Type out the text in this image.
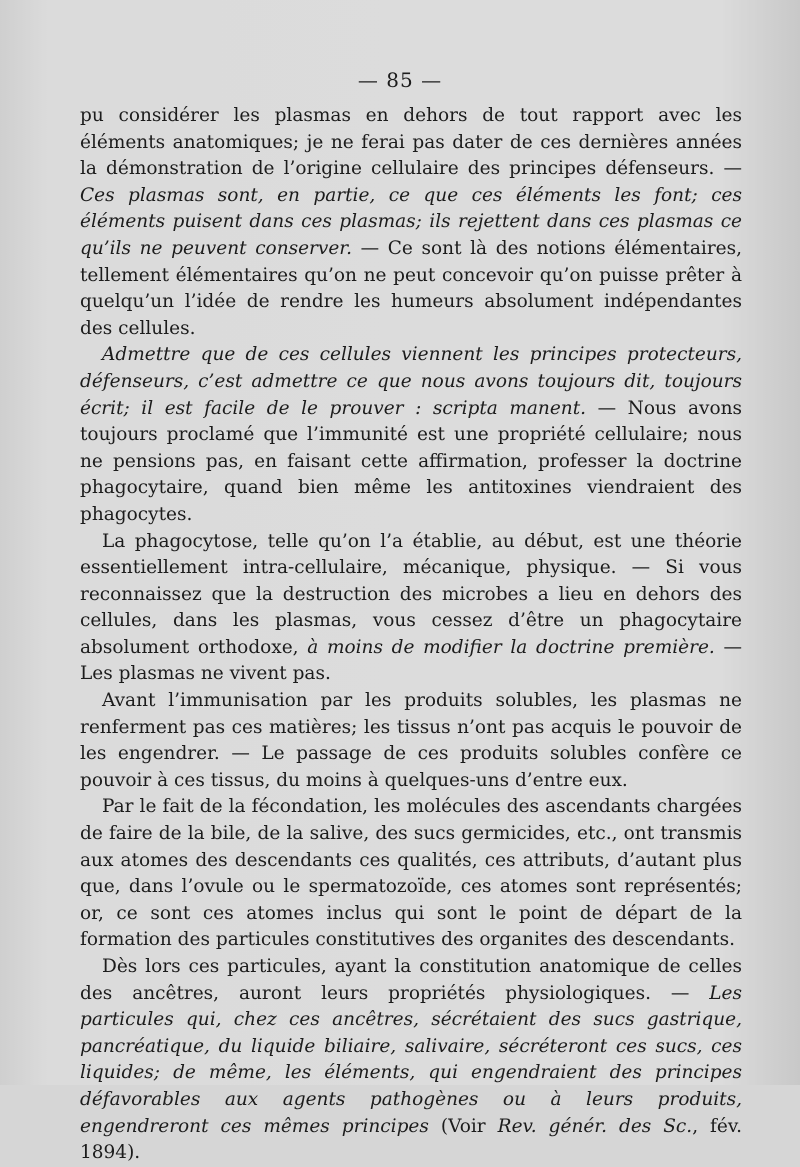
— 85 —

pu considérer les plasmas en dehors de tout rapport avec les éléments anatomiques; je ne ferai pas dater de ces dernières années la démonstration de l’origine cellulaire des principes défenseurs. — Ces plasmas sont, en partie, ce que ces éléments les font; ces éléments puisent dans ces plasmas; ils rejettent dans ces plasmas ce qu’ils ne peuvent conserver. — Ce sont là des notions élémentaires, tellement élémentaires qu’on ne peut concevoir qu’on puisse prêter à quelqu’un l’idée de rendre les humeurs absolument indépendantes des cellules.

Admettre que de ces cellules viennent les principes protecteurs, défenseurs, c’est admettre ce que nous avons toujours dit, toujours écrit; il est facile de le prouver : scripta manent. — Nous avons toujours proclamé que l’immunité est une propriété cellulaire; nous ne pensions pas, en faisant cette affirmation, professer la doctrine phagocytaire, quand bien même les antitoxines viendraient des phagocytes.

La phagocytose, telle qu’on l’a établie, au début, est une théorie essentiellement intra-cellulaire, mécanique, physique. — Si vous reconnaissez que la destruction des microbes a lieu en dehors des cellules, dans les plasmas, vous cessez d’être un phagocytaire absolument orthodoxe, à moins de modifier la doctrine première. — Les plasmas ne vivent pas.

Avant l’immunisation par les produits solubles, les plasmas ne renferment pas ces matières; les tissus n’ont pas acquis le pouvoir de les engendrer. — Le passage de ces produits solubles confère ce pouvoir à ces tissus, du moins à quelques-uns d’entre eux.

Par le fait de la fécondation, les molécules des ascendants chargées de faire de la bile, de la salive, des sucs germicides, etc., ont transmis aux atomes des descendants ces qualités, ces attributs, d’autant plus que, dans l’ovule ou le spermatozoïde, ces atomes sont représentés; or, ce sont ces atomes inclus qui sont le point de départ de la formation des particules constitutives des organites des descendants.

Dès lors ces particules, ayant la constitution anatomique de celles des ancêtres, auront leurs propriétés physiologiques. — Les particules qui, chez ces ancêtres, sécrétaient des sucs gastrique, pancréatique, du liquide biliaire, salivaire, sécréteront ces sucs, ces liquides; de même, les éléments, qui engendraient des principes défavorables aux agents pathogènes ou à leurs produits, engendreront ces mêmes principes (Voir Rev. génér. des Sc., fév. 1894).
